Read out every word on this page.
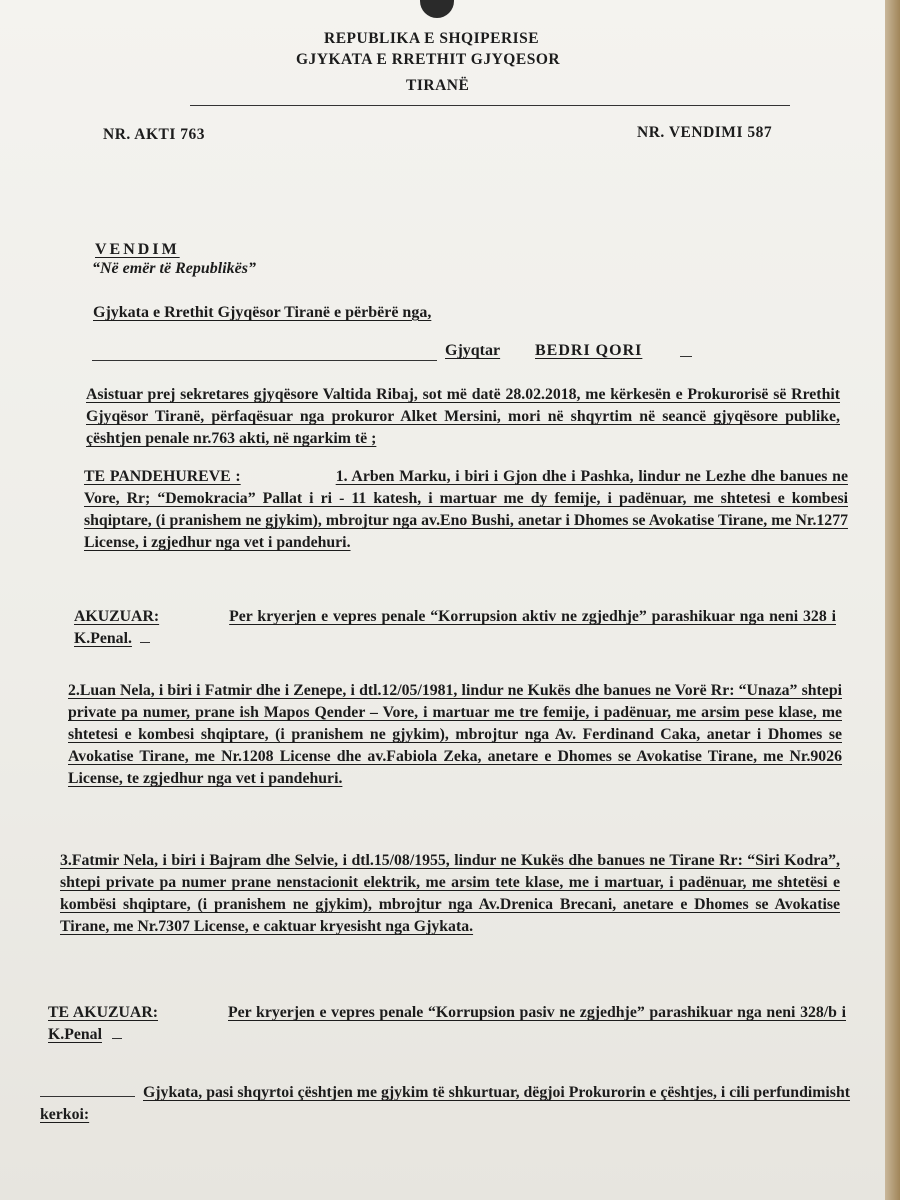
REPUBLIKA E SHQIPERISE
GJYKATA E RRETHIT GJYQESOR
TIRANË
NR. AKTI 763	NR. VENDIMI 587
VENDIM
“Në emër të Republikës”
Gjykata e Rrethit Gjyqësor Tiranë e përbërë nga,
Gjyqtar BEDRI QORI
Asistuar prej sekretares gjyqësore Valtida Ribaj, sot më datë 28.02.2018, me kërkesën e Prokurorisë së Rrethit Gjyqësor Tiranë, përfaqësuar nga prokuror Alket Mersini, mori në shqyrtim në seancë gjyqësore publike, çështjen penale nr.763 akti, në ngarkim të ;
TE PANDEHUREVE :	1. Arben Marku, i biri i Gjon dhe i Pashka, lindur ne Lezhe dhe banues ne Vore, Rr; “Demokracia” Pallat i ri - 11 katesh, i martuar me dy femije, i padënuar, me shtetesi e kombesi shqiptare, (i pranishem ne gjykim), mbrojtur nga av.Eno Bushi, anetar i Dhomes se Avokatise Tirane, me Nr.1277 License, i zgjedhur nga vet i pandehuri.
AKUZUAR:	Per kryerjen e vepres penale “Korrupsion aktiv ne zgjedhje” parashikuar nga neni 328 i K.Penal.
2.Luan Nela, i biri i Fatmir dhe i Zenepe, i dtl.12/05/1981, lindur ne Kukës dhe banues ne Vorë Rr: “Unaza” shtepi private pa numer, prane ish Mapos Qender – Vore, i martuar me tre femije, i padënuar, me arsim pese klase, me shtetesi e kombesi shqiptare, (i pranishem ne gjykim), mbrojtur nga Av. Ferdinand Caka, anetar i Dhomes se Avokatise Tirane, me Nr.1208 License dhe av.Fabiola Zeka, anetare e Dhomes se Avokatise Tirane, me Nr.9026 License, te zgjedhur nga vet i pandehuri.
3.Fatmir Nela, i biri i Bajram dhe Selvie, i dtl.15/08/1955, lindur ne Kukës dhe banues ne Tirane Rr: “Siri Kodra”, shtepi private pa numer prane nenstacionit elektrik, me arsim tete klase, me i martuar, i padënuar, me shtetësi e kombësi shqiptare, (i pranishem ne gjykim), mbrojtur nga Av.Drenica Brecani, anetare e Dhomes se Avokatise Tirane, me Nr.7307 License, e caktuar kryesisht nga Gjykata.
TE AKUZUAR:	Per kryerjen e vepres penale “Korrupsion pasiv ne zgjedhje” parashikuar nga neni 328/b i K.Penal
Gjykata, pasi shqyrtoi çështjen me gjykim të shkurtuar, dëgjoi Prokurorin e çështjes, i cili perfundimisht kerkoi:
